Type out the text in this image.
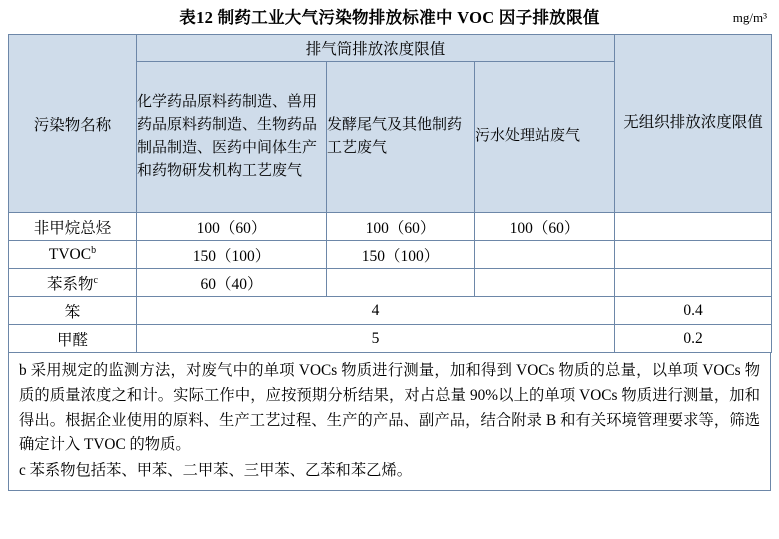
表12 制药工业大气污染物排放标准中 VOC 因子排放限值	mg/m³
污染物名称	排气筒排放浓度限值			无组织排放浓度限值
	化学药品原料药制造、兽用药品原料药制造、生物药品制品制造、医药中间体生产和药物研发机构工艺废气	发酵尾气及其他制药工艺废气	污水处理站废气	
非甲烷总烃	100（60）	100（60）	100（60）	
TVOC$^b$	150（100）	150（100）		
苯系物$^c$	60（40）			
笨	4			0.4
甲醛	5			0.2

b 采用规定的监测方法，对废气中的单项 VOCs 物质进行测量，加和得到 VOCs 物质的总量，以单项 VOCs 物质的质量浓度之和计。实际工作中，应按预期分析结果，对占总量 90%以上的单项 VOCs 物质进行测量，加和得出。根据企业使用的原料、生产工艺过程、生产的产品、副产品，结合附录 B 和有关环境管理要求等，筛选确定计入 TVOC 的物质。

c 苯系物包括苯、甲苯、二甲苯、三甲苯、乙苯和苯乙烯。
